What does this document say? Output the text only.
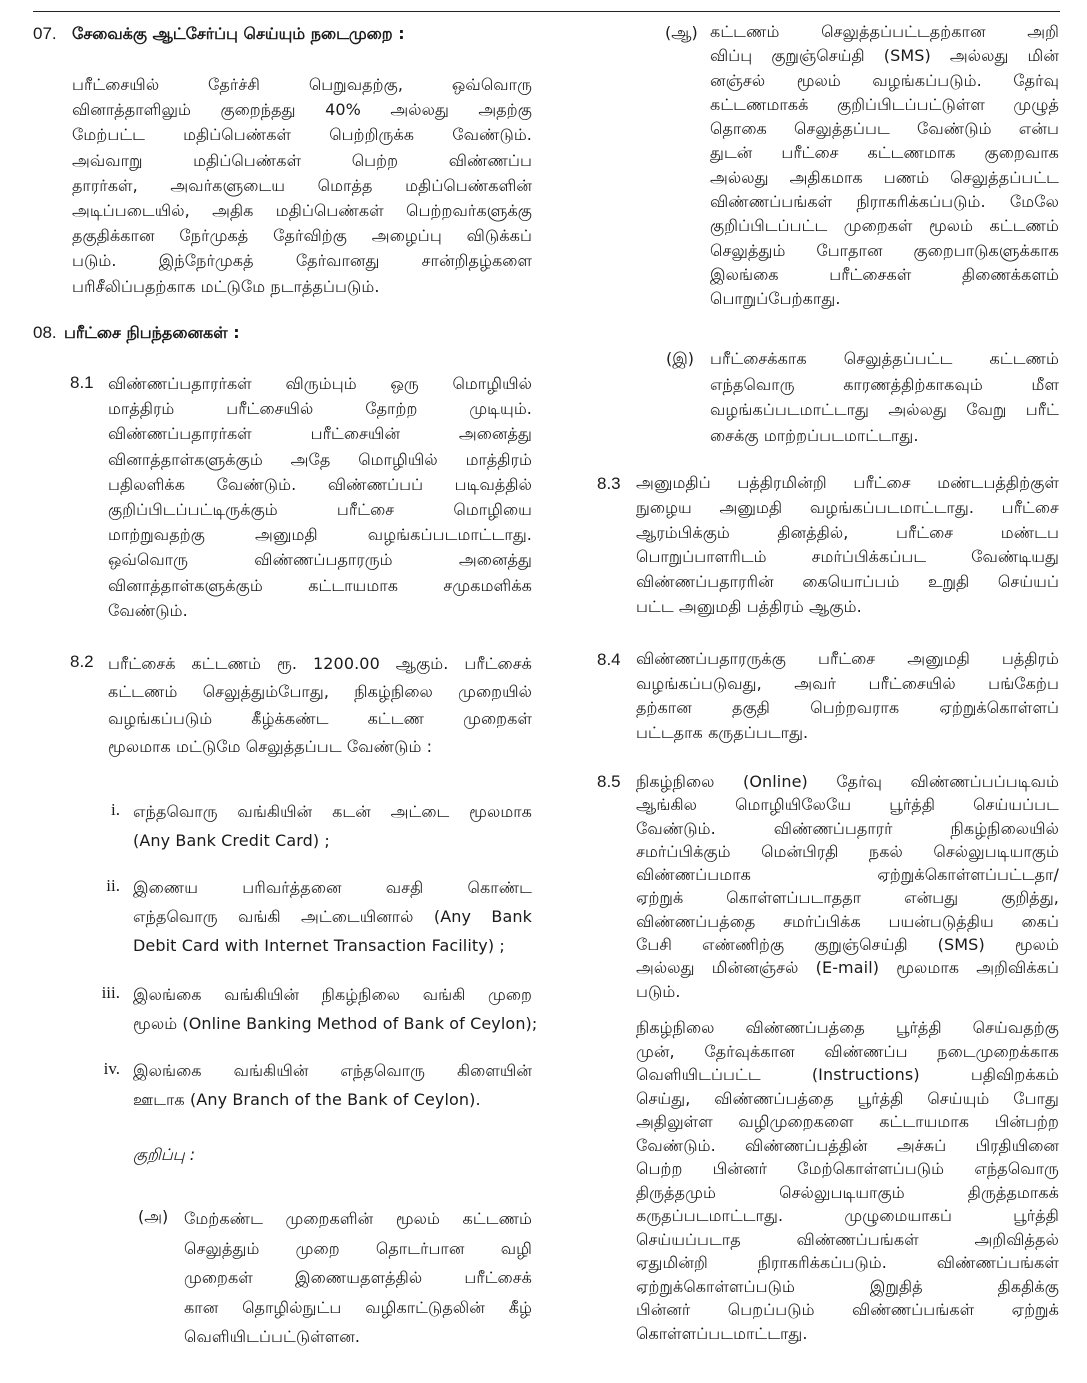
07. சேவைக்கு ஆட்சேர்ப்பு செய்யும் நடைமுறை :
பரீட்சையில் தேர்ச்சி பெறுவதற்கு, ஒவ்வொரு
வினாத்தாளிலும் குறைந்தது 40% அல்லது அதற்கு
மேற்பட்ட மதிப்பெண்கள் பெற்றிருக்க வேண்டும்.
அவ்வாறு மதிப்பெண்கள் பெற்ற விண்ணப்ப
தாரர்கள், அவர்களுடைய மொத்த மதிப்பெண்களின்
அடிப்படையில், அதிக மதிப்பெண்கள் பெற்றவர்களுக்கு
தகுதிக்கான நேர்முகத் தேர்விற்கு அழைப்பு விடுக்கப்
படும். இந்நேர்முகத் தேர்வானது சான்றிதழ்களை
பரிசீலிப்பதற்காக மட்டுமே நடாத்தப்படும்.
08. பரீட்சை நிபந்தனைகள் :
8.1 விண்ணப்பதாரர்கள் விரும்பும் ஒரு மொழியில்
மாத்திரம் பரீட்சையில் தோற்ற முடியும்.
விண்ணப்பதாரர்கள் பரீட்சையின் அனைத்து
வினாத்தாள்களுக்கும் அதே மொழியில் மாத்திரம்
பதிலளிக்க வேண்டும். விண்ணப்பப் படிவத்தில்
குறிப்பிடப்பட்டிருக்கும் பரீட்சை மொழியை
மாற்றுவதற்கு அனுமதி வழங்கப்படமாட்டாது.
ஒவ்வொரு விண்ணப்பதாரரும் அனைத்து
வினாத்தாள்களுக்கும் கட்டாயமாக சமுகமளிக்க
வேண்டும்.
8.2 பரீட்சைக் கட்டணம் ரூ. 1200.00 ஆகும். பரீட்சைக்
கட்டணம் செலுத்தும்போது, நிகழ்நிலை முறையில்
வழங்கப்படும் கீழ்க்கண்ட கட்டண முறைகள்
மூலமாக மட்டுமே செலுத்தப்பட வேண்டும் :
i. எந்தவொரு வங்கியின் கடன் அட்டை மூலமாக
(Any Bank Credit Card) ;
ii. இணைய பரிவர்த்தனை வசதி கொண்ட
எந்தவொரு வங்கி அட்டையினால் (Any Bank
Debit Card with Internet Transaction Facility) ;
iii. இலங்கை வங்கியின் நிகழ்நிலை வங்கி முறை
மூலம் (Online Banking Method of Bank of Ceylon);
iv. இலங்கை வங்கியின் எந்தவொரு கிளையின்
ஊடாக (Any Branch of the Bank of Ceylon).
குறிப்பு :
(அ) மேற்கண்ட முறைகளின் மூலம் கட்டணம்
செலுத்தும் முறை தொடர்பான வழி
முறைகள் இணையதளத்தில் பரீட்சைக்
கான தொழில்நுட்ப வழிகாட்டுதலின் கீழ்
வெளியிடப்பட்டுள்ளன.
(ஆ) கட்டணம் செலுத்தப்பட்டதற்கான அறி
விப்பு குறுஞ்செய்தி (SMS) அல்லது மின்
னஞ்சல் மூலம் வழங்கப்படும். தேர்வு
கட்டணமாகக் குறிப்பிடப்பட்டுள்ள முழுத்
தொகை செலுத்தப்பட வேண்டும் என்ப
துடன் பரீட்சை கட்டணமாக குறைவாக
அல்லது அதிகமாக பணம் செலுத்தப்பட்ட
விண்ணப்பங்கள் நிராகரிக்கப்படும். மேலே
குறிப்பிடப்பட்ட முறைகள் மூலம் கட்டணம்
செலுத்தும் போதான குறைபாடுகளுக்காக
இலங்கை பரீட்சைகள் திணைக்களம்
பொறுப்பேற்காது.
(இ) பரீட்சைக்காக செலுத்தப்பட்ட கட்டணம்
எந்தவொரு காரணத்திற்காகவும் மீள
வழங்கப்படமாட்டாது அல்லது வேறு பரீட்
சைக்கு மாற்றப்படமாட்டாது.
8.3 அனுமதிப் பத்திரமின்றி பரீட்சை மண்டபத்திற்குள்
நுழைய அனுமதி வழங்கப்படமாட்டாது. பரீட்சை
ஆரம்பிக்கும் தினத்தில், பரீட்சை மண்டப
பொறுப்பாளரிடம் சமர்ப்பிக்கப்பட வேண்டியது
விண்ணப்பதாரரின் கையொப்பம் உறுதி செய்யப்
பட்ட அனுமதி பத்திரம் ஆகும்.
8.4 விண்ணப்பதாரருக்கு பரீட்சை அனுமதி பத்திரம்
வழங்கப்படுவது, அவர் பரீட்சையில் பங்கேற்ப
தற்கான தகுதி பெற்றவராக ஏற்றுக்கொள்ளப்
பட்டதாக கருதப்படாது.
8.5 நிகழ்நிலை (Online) தேர்வு விண்ணப்பப்படிவம்
ஆங்கில மொழியிலேயே பூர்த்தி செய்யப்பட
வேண்டும். விண்ணப்பதாரர் நிகழ்நிலையில்
சமர்ப்பிக்கும் மென்பிரதி நகல் செல்லுபடியாகும்
விண்ணப்பமாக ஏற்றுக்கொள்ளப்பட்டதா/
ஏற்றுக் கொள்ளப்படாததா என்பது குறித்து,
விண்ணப்பத்தை சமர்ப்பிக்க பயன்படுத்திய கைப்
பேசி எண்ணிற்கு குறுஞ்செய்தி (SMS) மூலம்
அல்லது மின்னஞ்சல் (E-mail) மூலமாக அறிவிக்கப்
படும்.
நிகழ்நிலை விண்ணப்பத்தை பூர்த்தி செய்வதற்கு
முன், தேர்வுக்கான விண்ணப்ப நடைமுறைக்காக
வெளியிடப்பட்ட (Instructions) பதிவிறக்கம்
செய்து, விண்ணப்பத்தை பூர்த்தி செய்யும் போது
அதிலுள்ள வழிமுறைகளை கட்டாயமாக பின்பற்ற
வேண்டும். விண்ணப்பத்தின் அச்சுப் பிரதியினை
பெற்ற பின்னர் மேற்கொள்ளப்படும் எந்தவொரு
திருத்தமும் செல்லுபடியாகும் திருத்தமாகக்
கருதப்படமாட்டாது. முழுமையாகப் பூர்த்தி
செய்யப்படாத விண்ணப்பங்கள் அறிவித்தல்
ஏதுமின்றி நிராகரிக்கப்படும். விண்ணப்பங்கள்
ஏற்றுக்கொள்ளப்படும் இறுதித் திகதிக்கு
பின்னர் பெறப்படும் விண்ணப்பங்கள் ஏற்றுக்
கொள்ளப்படமாட்டாது.
